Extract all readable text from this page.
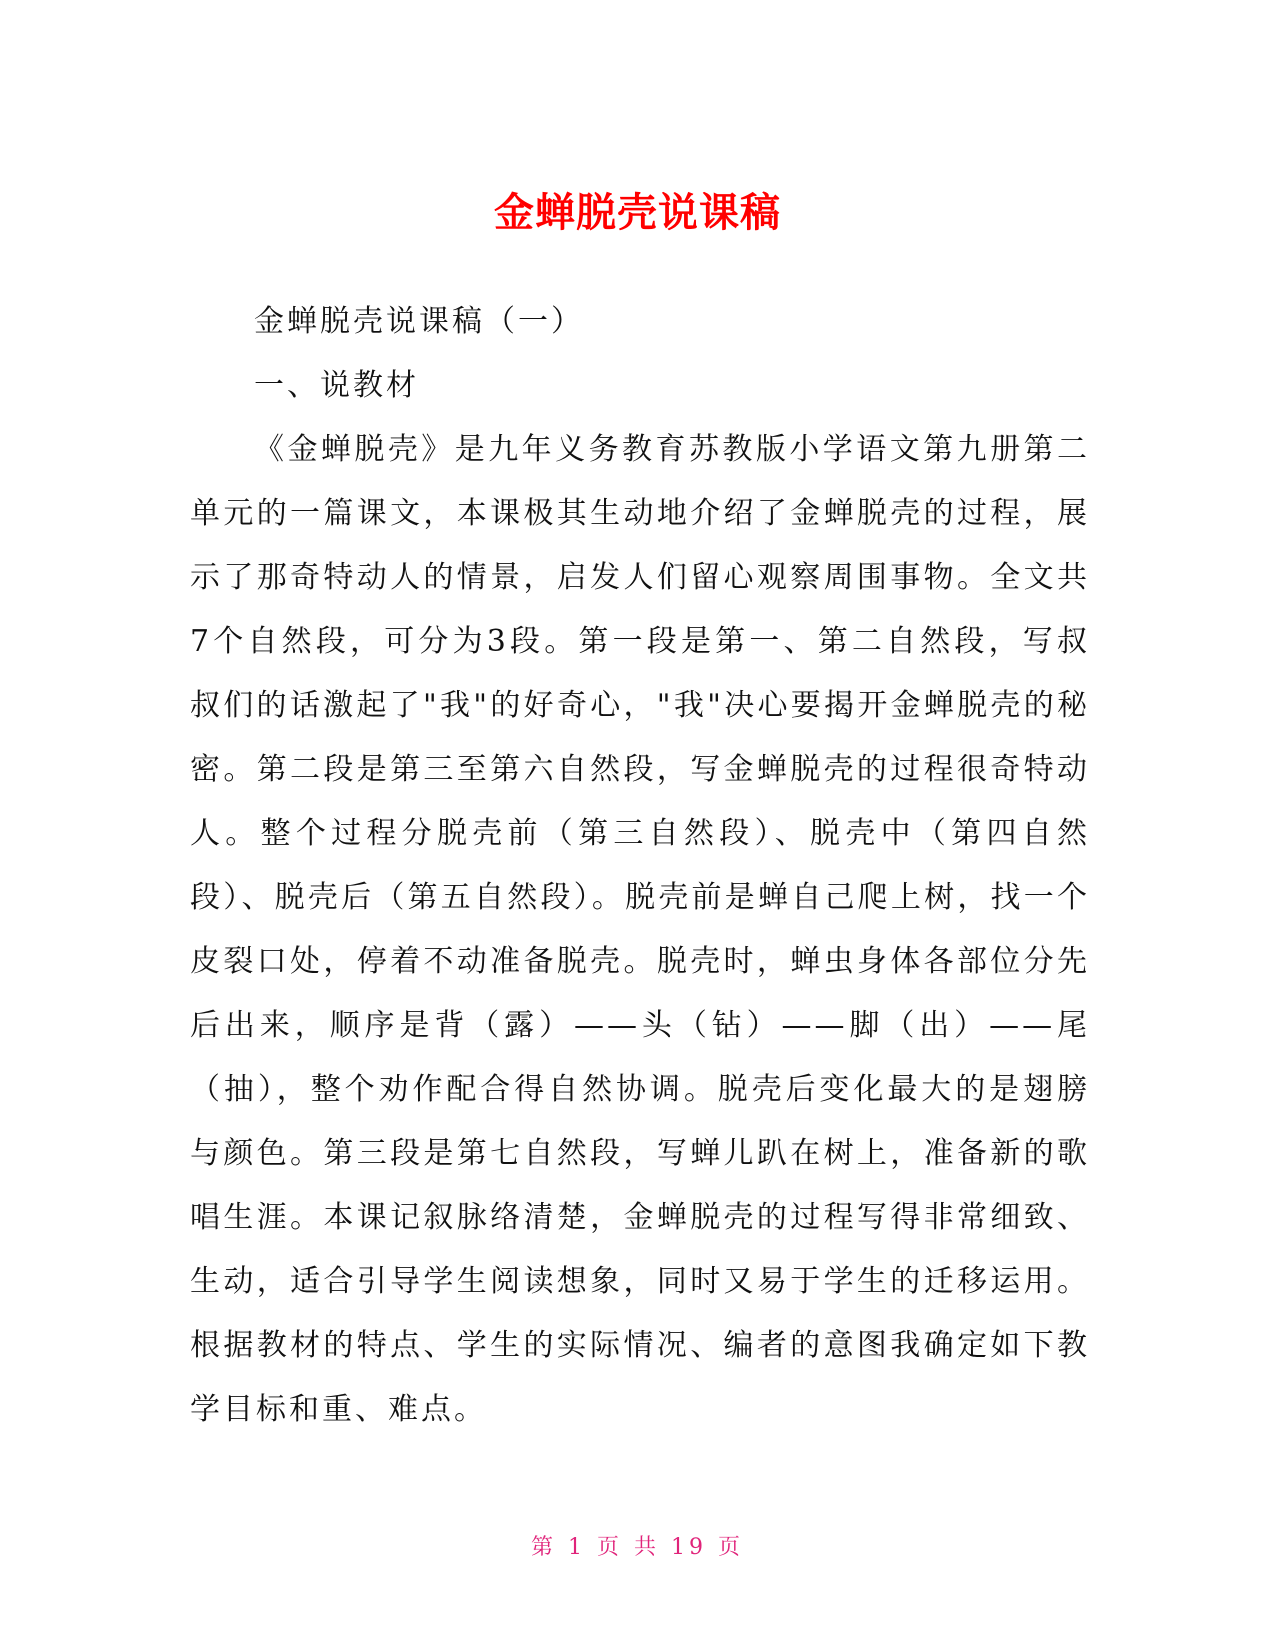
金蝉脱壳说课稿

金蝉脱壳说课稿（一）

一、说教材

《金蝉脱壳》是九年义务教育苏教版小学语文第九册第二单元的一篇课文，本课极其生动地介绍了金蝉脱壳的过程，展示了那奇特动人的情景，启发人们留心观察周围事物。全文共7个自然段，可分为3段。第一段是第一、第二自然段，写叔叔们的话激起了"我"的好奇心，"我"决心要揭开金蝉脱壳的秘密。第二段是第三至第六自然段，写金蝉脱壳的过程很奇特动人。整个过程分脱壳前（第三自然段）、脱壳中（第四自然段）、脱壳后（第五自然段）。脱壳前是蝉自己爬上树，找一个皮裂口处，停着不动准备脱壳。脱壳时，蝉虫身体各部位分先后出来，顺序是背（露）——头（钻）——脚（出）——尾（抽），整个劝作配合得自然协调。脱壳后变化最大的是翅膀与颜色。第三段是第七自然段，写蝉儿趴在树上，准备新的歌唱生涯。本课记叙脉络清楚，金蝉脱壳的过程写得非常细致、生动，适合引导学生阅读想象，同时又易于学生的迁移运用。根据教材的特点、学生的实际情况、编者的意图我确定如下教学目标和重、难点。

第 1 页 共 19 页
